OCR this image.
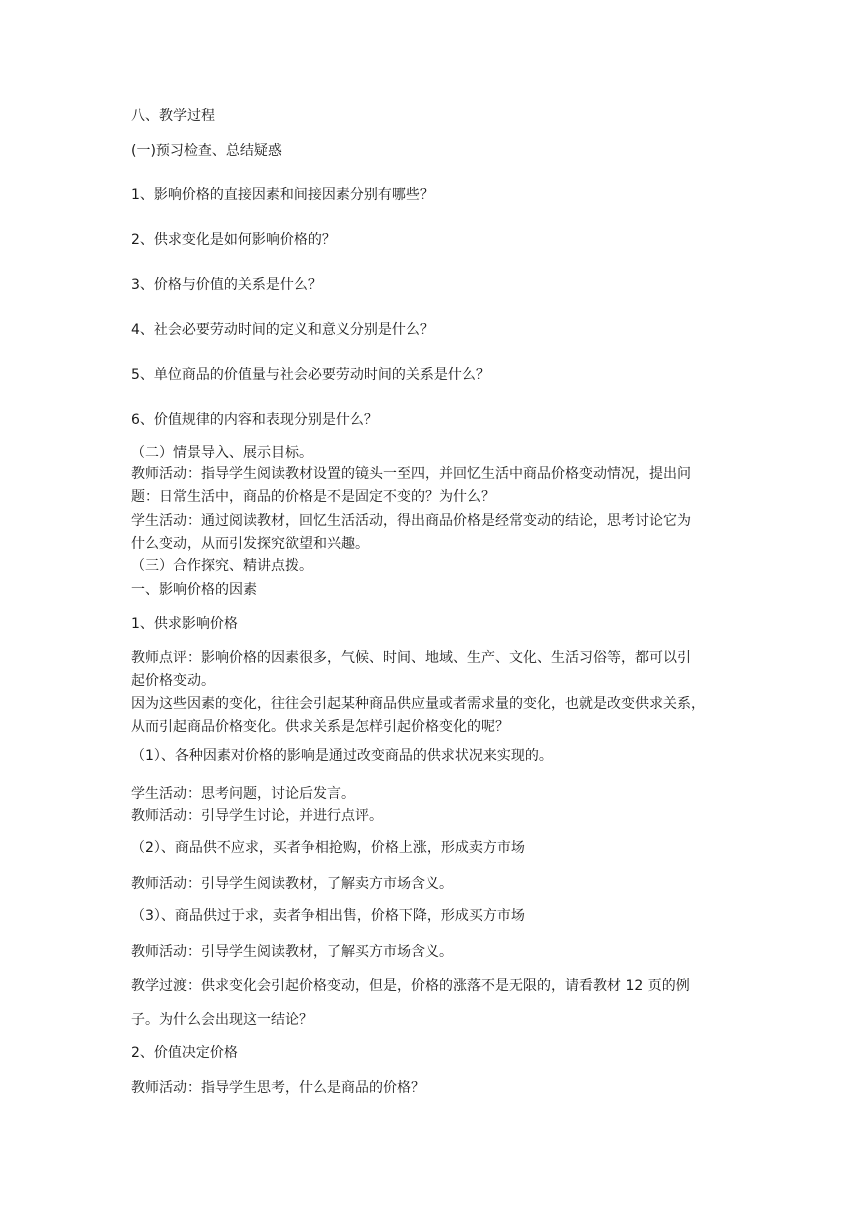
八、教学过程
(一)预习检查、总结疑惑
1、影响价格的直接因素和间接因素分别有哪些？
2、供求变化是如何影响价格的？
3、价格与价值的关系是什么？
4、社会必要劳动时间的定义和意义分别是什么？
5、单位商品的价值量与社会必要劳动时间的关系是什么？
6、价值规律的内容和表现分别是什么？
（二）情景导入、展示目标。
教师活动：指导学生阅读教材设置的镜头一至四，并回忆生活中商品价格变动情况，提出问
题：日常生活中，商品的价格是不是固定不变的？为什么？
学生活动：通过阅读教材，回忆生活活动，得出商品价格是经常变动的结论，思考讨论它为
什么变动，从而引发探究欲望和兴趣。
（三）合作探究、精讲点拨。
一、影响价格的因素
1、供求影响价格
教师点评：影响价格的因素很多，气候、时间、地域、生产、文化、生活习俗等，都可以引
起价格变动。
因为这些因素的变化，往往会引起某种商品供应量或者需求量的变化，也就是改变供求关系，
从而引起商品价格变化。供求关系是怎样引起价格变化的呢？
（1）、各种因素对价格的影响是通过改变商品的供求状况来实现的。
学生活动：思考问题，讨论后发言。
教师活动：引导学生讨论，并进行点评。
（2）、商品供不应求，买者争相抢购，价格上涨，形成卖方市场
教师活动：引导学生阅读教材，了解卖方市场含义。
（3）、商品供过于求，卖者争相出售，价格下降，形成买方市场
教师活动：引导学生阅读教材，了解买方市场含义。
教学过渡：供求变化会引起价格变动，但是，价格的涨落不是无限的，请看教材 12 页的例
子。为什么会出现这一结论？
2、价值决定价格
教师活动：指导学生思考，什么是商品的价格？
